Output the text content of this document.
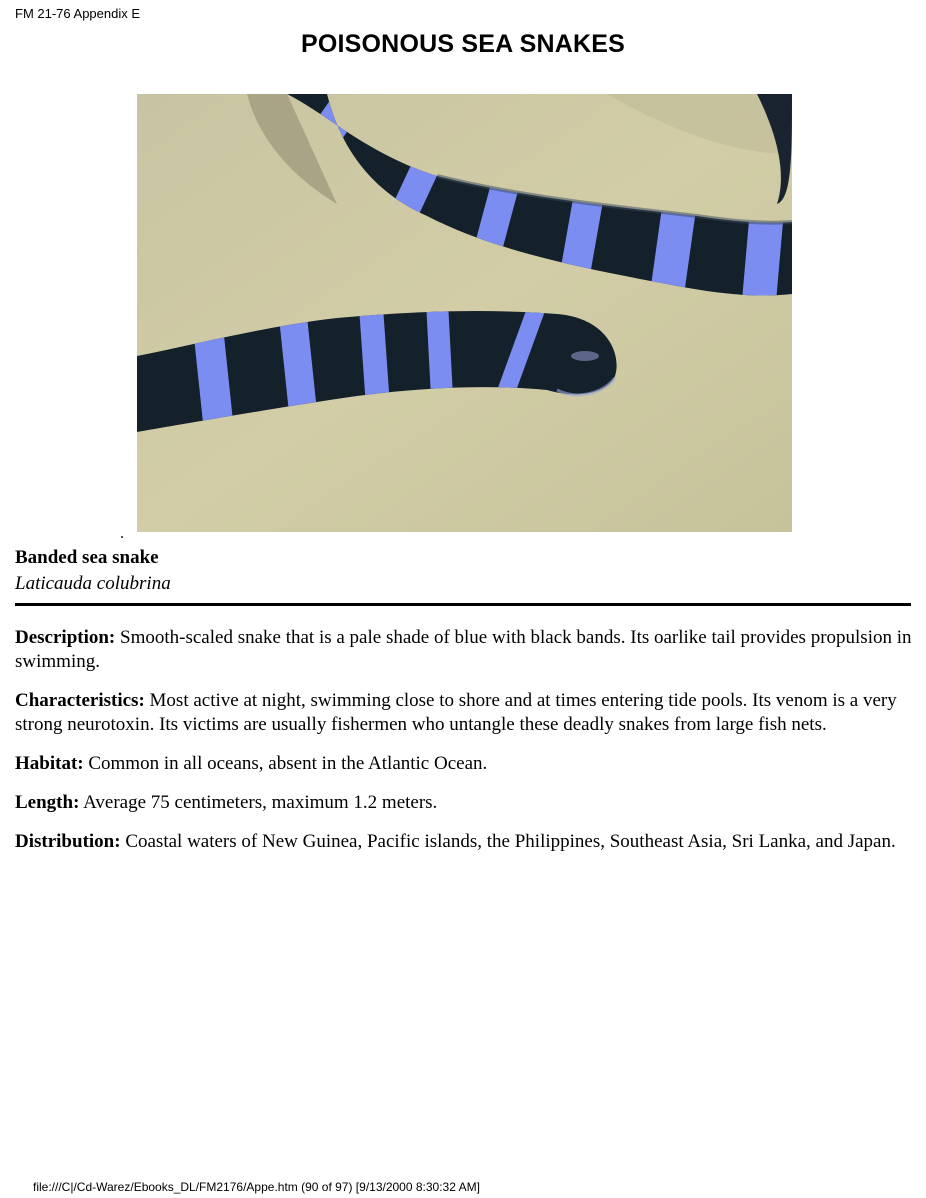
FM 21-76 Appendix E
POISONOUS SEA SNAKES
Banded sea snake
Laticauda colubrina

Description: Smooth-scaled snake that is a pale shade of blue with black bands. Its oarlike tail provides propulsion in swimming.

Characteristics: Most active at night, swimming close to shore and at times entering tide pools. Its venom is a very strong neurotoxin. Its victims are usually fishermen who untangle these deadly snakes from large fish nets.

Habitat: Common in all oceans, absent in the Atlantic Ocean.

Length: Average 75 centimeters, maximum 1.2 meters.

Distribution: Coastal waters of New Guinea, Pacific islands, the Philippines, Southeast Asia, Sri Lanka, and Japan.

file:///C|/Cd-Warez/Ebooks_DL/FM2176/Appe.htm (90 of 97) [9/13/2000 8:30:32 AM]
